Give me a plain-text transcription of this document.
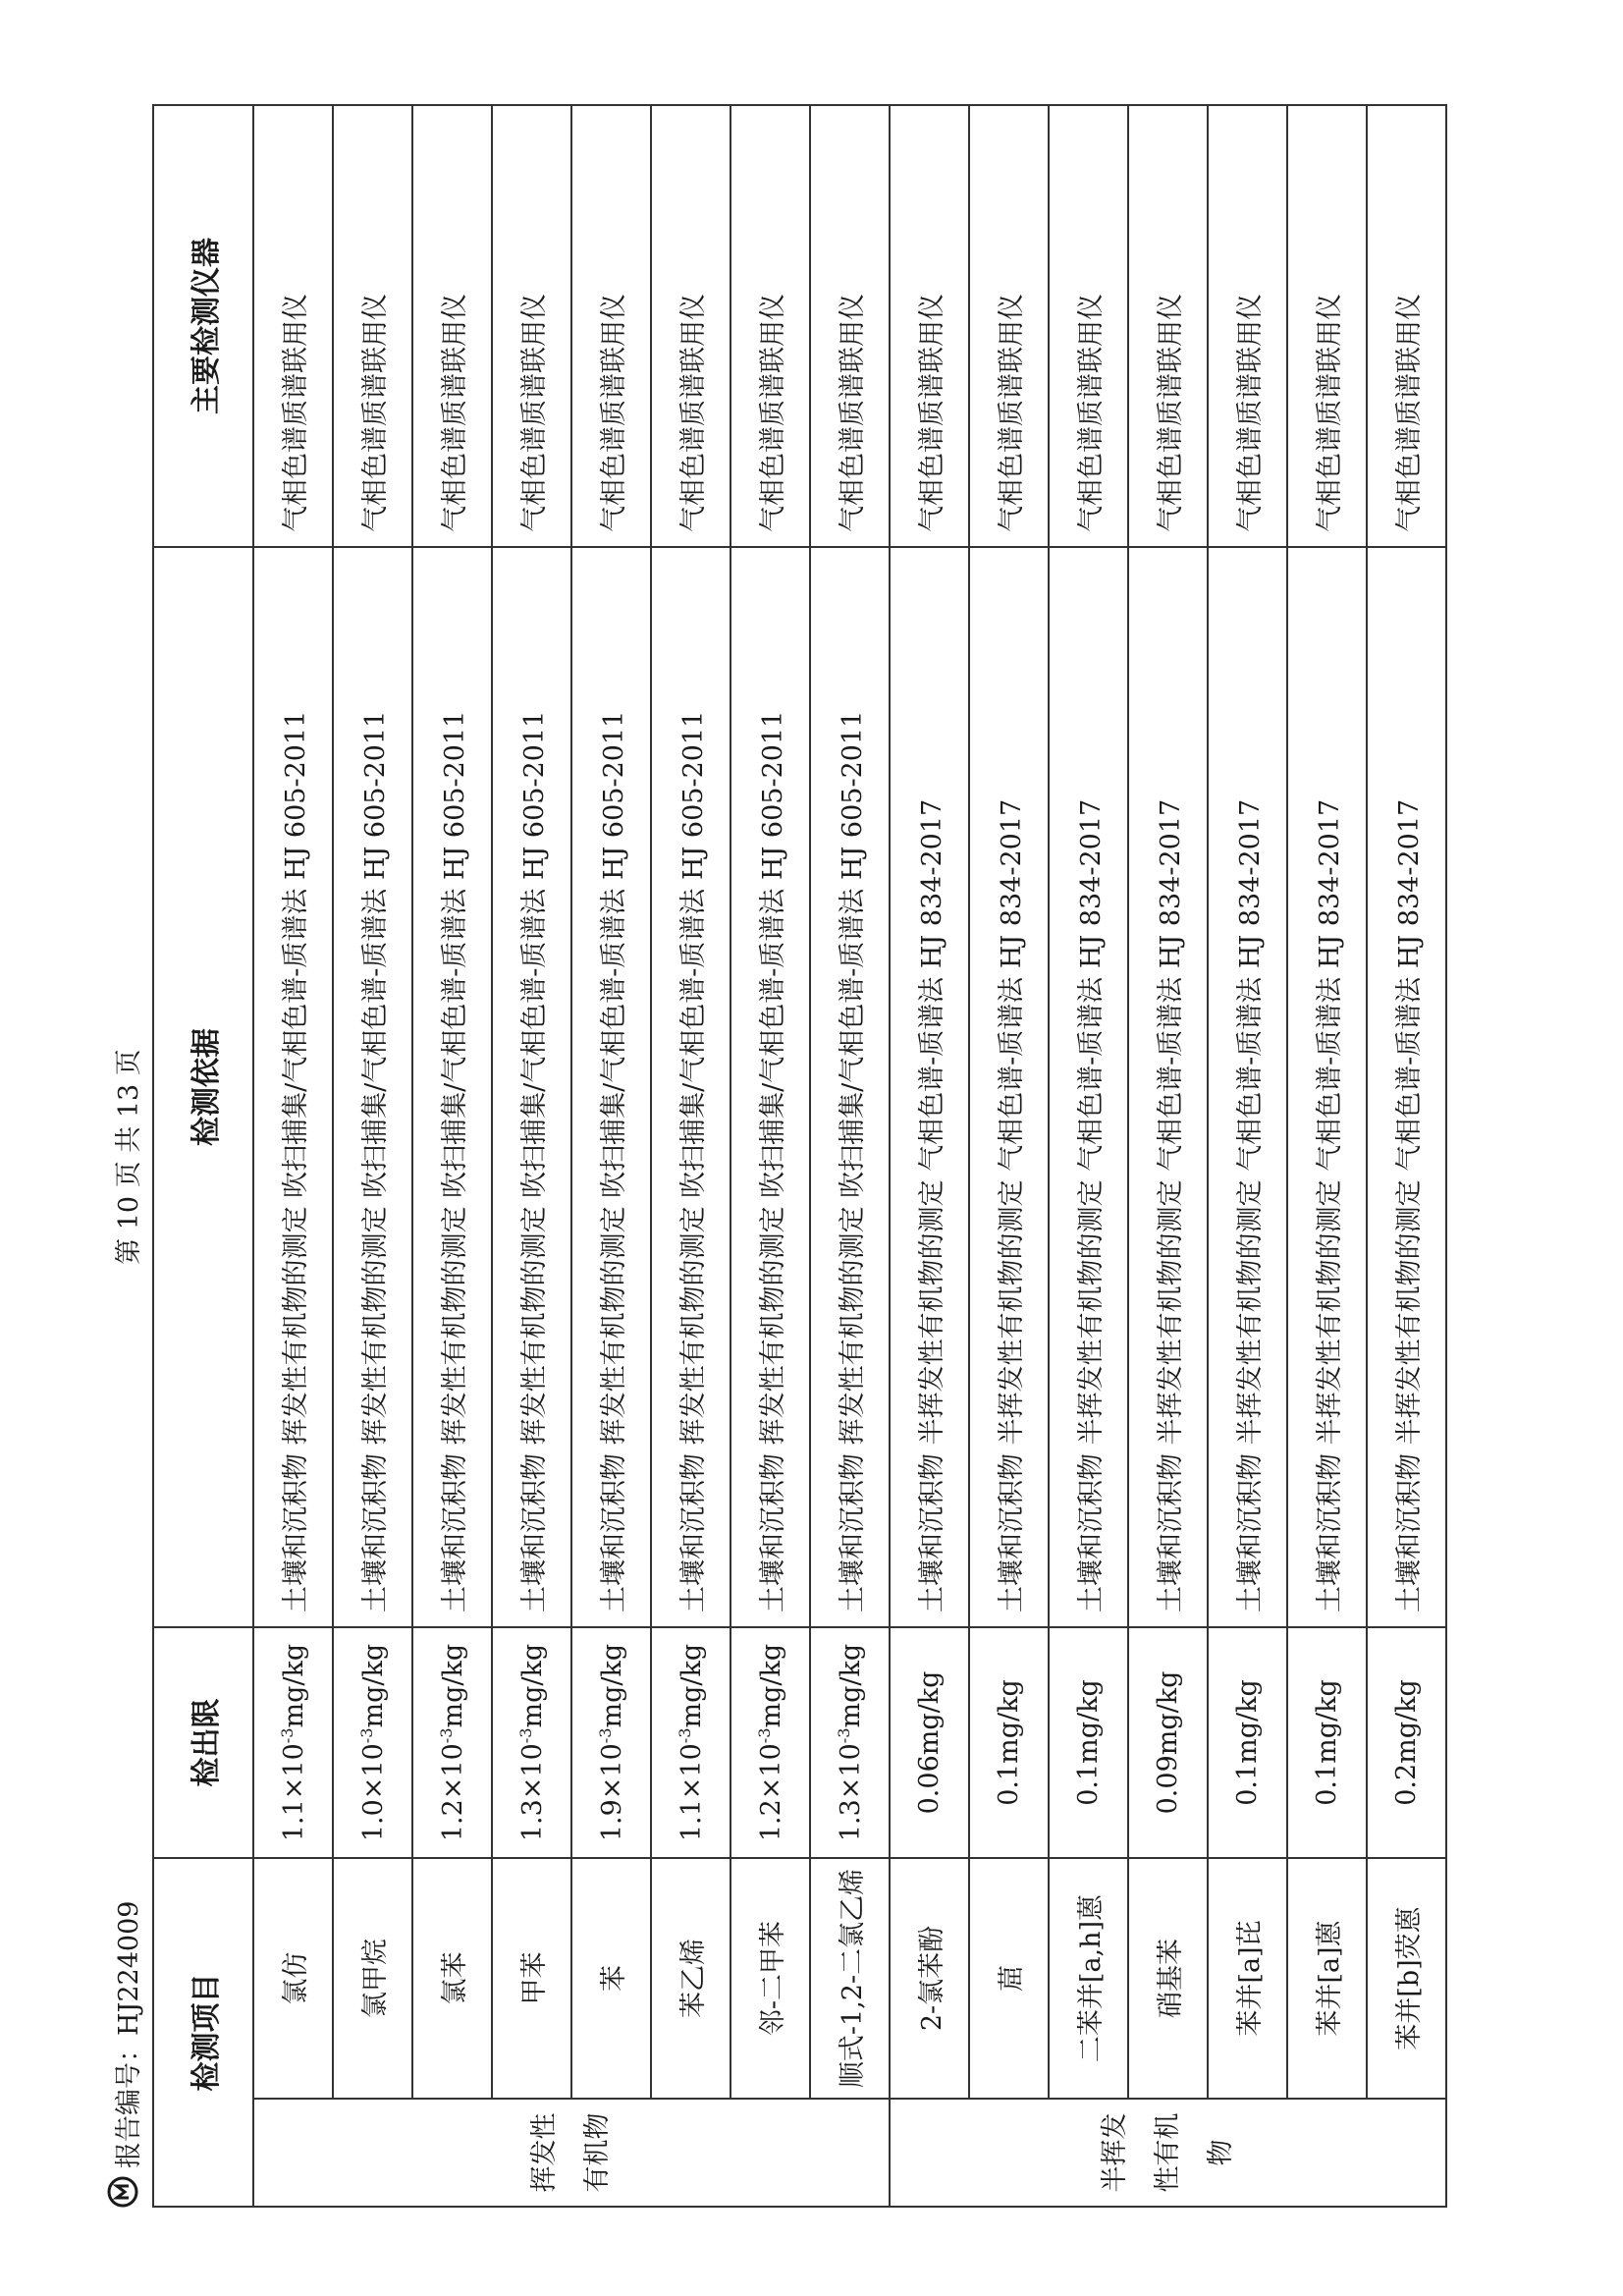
报告编号：HJ224009
第 10 页 共 13 页
检测项目		检出限	检测依据	主要检测仪器
挥发性有机物	氯仿	$1.1\times 10^{-3}mg/kg$	土壤和沉积物 挥发性有机物的测定 吹扫捕集/气相色谱-质谱法 HJ 605-2011	气相色谱质谱联用仪
	氯甲烷	$1.0\times 10^{-3}mg/kg$	土壤和沉积物 挥发性有机物的测定 吹扫捕集/气相色谱-质谱法 HJ 605-2011	气相色谱质谱联用仪
	氯苯	$1.2\times 10^{-3}mg/kg$	土壤和沉积物 挥发性有机物的测定 吹扫捕集/气相色谱-质谱法 HJ 605-2011	气相色谱质谱联用仪
	甲苯	$1.3\times 10^{-3}mg/kg$	土壤和沉积物 挥发性有机物的测定 吹扫捕集/气相色谱-质谱法 HJ 605-2011	气相色谱质谱联用仪
	苯	$1.9\times 10^{-3}mg/kg$	土壤和沉积物 挥发性有机物的测定 吹扫捕集/气相色谱-质谱法 HJ 605-2011	气相色谱质谱联用仪
	苯乙烯	$1.1\times 10^{-3}mg/kg$	土壤和沉积物 挥发性有机物的测定 吹扫捕集/气相色谱-质谱法 HJ 605-2011	气相色谱质谱联用仪
	邻-二甲苯	$1.2\times 10^{-3}mg/kg$	土壤和沉积物 挥发性有机物的测定 吹扫捕集/气相色谱-质谱法 HJ 605-2011	气相色谱质谱联用仪
	顺式-1,2-二氯乙烯	$1.3\times 10^{-3}mg/kg$	土壤和沉积物 挥发性有机物的测定 吹扫捕集/气相色谱-质谱法 HJ 605-2011	气相色谱质谱联用仪
半挥发性有机物	2-氯苯酚	0.06mg/kg	土壤和沉积物 半挥发性有机物的测定 气相色谱-质谱法 HJ 834-2017	气相色谱质谱联用仪
	䓛	0.1mg/kg	土壤和沉积物 半挥发性有机物的测定 气相色谱-质谱法 HJ 834-2017	气相色谱质谱联用仪
	二苯并[a,h]蒽	0.1mg/kg	土壤和沉积物 半挥发性有机物的测定 气相色谱-质谱法 HJ 834-2017	气相色谱质谱联用仪
	硝基苯	0.09mg/kg	土壤和沉积物 半挥发性有机物的测定 气相色谱-质谱法 HJ 834-2017	气相色谱质谱联用仪
	苯并[a]芘	0.1mg/kg	土壤和沉积物 半挥发性有机物的测定 气相色谱-质谱法 HJ 834-2017	气相色谱质谱联用仪
	苯并[a]蒽	0.1mg/kg	土壤和沉积物 半挥发性有机物的测定 气相色谱-质谱法 HJ 834-2017	气相色谱质谱联用仪
	苯并[b]荧蒽	0.2mg/kg	土壤和沉积物 半挥发性有机物的测定 气相色谱-质谱法 HJ 834-2017	气相色谱质谱联用仪
